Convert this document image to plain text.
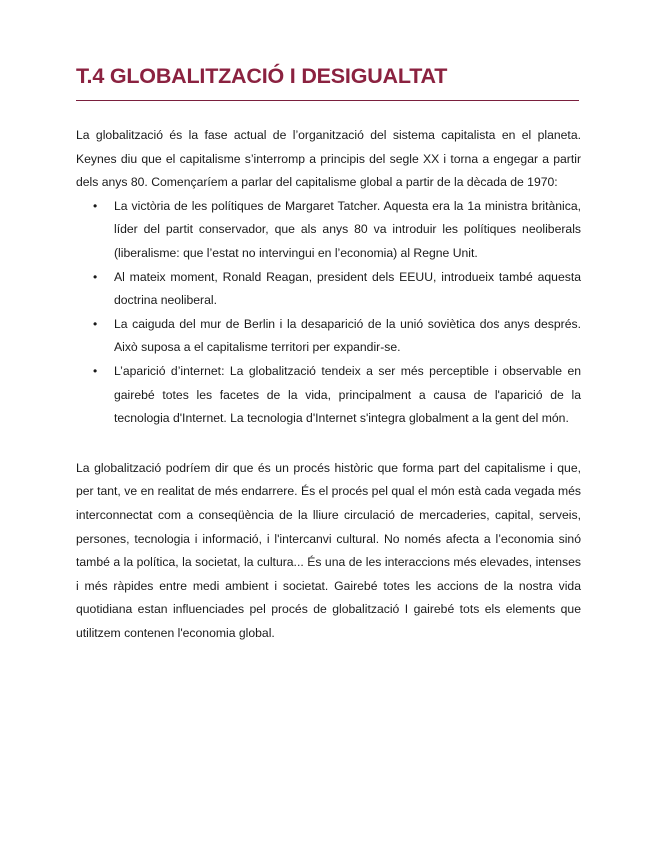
T.4 GLOBALITZACIÓ I DESIGUALTAT

La globalització és la fase actual de l’organització del sistema capitalista en el planeta. Keynes diu que el capitalisme s’interromp a principis del segle XX i torna a engegar a partir dels anys 80. Començaríem a parlar del capitalisme global a partir de la dècada de 1970:

• La victòria de les polítiques de Margaret Tatcher. Aquesta era la 1a ministra britànica, líder del partit conservador, que als anys 80 va introduir les polítiques neoliberals (liberalisme: que l’estat no intervingui en l’economia) al Regne Unit.
• Al mateix moment, Ronald Reagan, president dels EEUU, introdueix també aquesta doctrina neoliberal.
• La caiguda del mur de Berlin i la desaparició de la unió soviètica dos anys després. Això suposa a el capitalisme territori per expandir-se.
• L’aparició d’internet: La globalització tendeix a ser més perceptible i observable en gairebé totes les facetes de la vida, principalment a causa de l'aparició de la tecnologia d'Internet. La tecnologia d'Internet s'integra globalment a la gent del món.

La globalització podríem dir que és un procés històric que forma part del capitalisme i que, per tant, ve en realitat de més endarrere. És el procés pel qual el món està cada vegada més interconnectat com a conseqüència de la lliure circulació de mercaderies, capital, serveis, persones, tecnologia i informació, i l'intercanvi cultural. No només afecta a l’economia sinó també a la política, la societat, la cultura... És una de les interaccions més elevades, intenses i més ràpides entre medi ambient i societat. Gairebé totes les accions de la nostra vida quotidiana estan influenciades pel procés de globalització I gairebé tots els elements que utilitzem contenen l'economia global.
